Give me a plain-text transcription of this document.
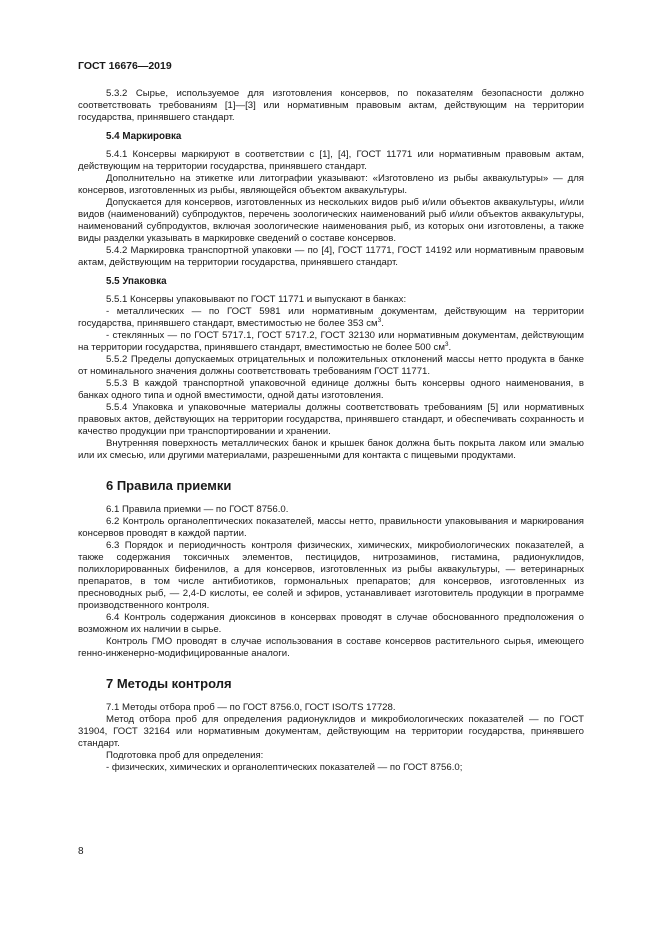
ГОСТ 16676—2019

5.3.2 Сырье, используемое для изготовления консервов, по показателям безопасности должно соответствовать требованиям [1]—[3] или нормативным правовым актам, действующим на территории государства, принявшего стандарт.

5.4 Маркировка

5.4.1 Консервы маркируют в соответствии с [1], [4], ГОСТ 11771 или нормативным правовым актам, действующим на территории государства, принявшего стандарт.

Дополнительно на этикетке или литографии указывают: «Изготовлено из рыбы аквакультуры» — для консервов, изготовленных из рыбы, являющейся объектом аквакультуры.

Допускается для консервов, изготовленных из нескольких видов рыб и/или объектов аквакультуры, и/или видов (наименований) субпродуктов, перечень зоологических наименований рыб и/или объектов аквакультуры, наименований субпродуктов, включая зоологические наименования рыб, из которых они изготовлены, а также виды разделки указывать в маркировке сведений о составе консервов.

5.4.2 Маркировка транспортной упаковки — по [4], ГОСТ 11771, ГОСТ 14192 или нормативным правовым актам, действующим на территории государства, принявшего стандарт.

5.5 Упаковка

5.5.1 Консервы упаковывают по ГОСТ 11771 и выпускают в банках:

- металлических — по ГОСТ 5981 или нормативным документам, действующим на территории государства, принявшего стандарт, вместимостью не более 353 $см^3$.

- стеклянных — по ГОСТ 5717.1, ГОСТ 5717.2, ГОСТ 32130 или нормативным документам, действующим на территории государства, принявшего стандарт, вместимостью не более 500 $см^3$.

5.5.2 Пределы допускаемых отрицательных и положительных отклонений массы нетто продукта в банке от номинального значения должны соответствовать требованиям ГОСТ 11771.

5.5.3 В каждой транспортной упаковочной единице должны быть консервы одного наименования, в банках одного типа и одной вместимости, одной даты изготовления.

5.5.4 Упаковка и упаковочные материалы должны соответствовать требованиям [5] или нормативных правовых актов, действующих на территории государства, принявшего стандарт, и обеспечивать сохранность и качество продукции при транспортировании и хранении.

Внутренняя поверхность металлических банок и крышек банок должна быть покрыта лаком или эмалью или их смесью, или другими материалами, разрешенными для контакта с пищевыми продуктами.

6 Правила приемки

6.1 Правила приемки — по ГОСТ 8756.0.

6.2 Контроль органолептических показателей, массы нетто, правильности упаковывания и маркирования консервов проводят в каждой партии.

6.3 Порядок и периодичность контроля физических, химических, микробиологических показателей, а также содержания токсичных элементов, пестицидов, нитрозаминов, гистамина, радионуклидов, полихлорированных бифенилов, а для консервов, изготовленных из рыбы аквакультуры, — ветеринарных препаратов, в том числе антибиотиков, гормональных препаратов; для консервов, изготовленных из пресноводных рыб, — 2,4-D кислоты, ее солей и эфиров, устанавливает изготовитель продукции в программе производственного контроля.

6.4 Контроль содержания диоксинов в консервах проводят в случае обоснованного предположения о возможном их наличии в сырье.

Контроль ГМО проводят в случае использования в составе консервов растительного сырья, имеющего генно-инженерно-модифицированные аналоги.

7 Методы контроля

7.1 Методы отбора проб — по ГОСТ 8756.0, ГОСТ ISO/TS 17728.

Метод отбора проб для определения радионуклидов и микробиологических показателей — по ГОСТ 31904, ГОСТ 32164 или нормативным документам, действующим на территории государства, принявшего стандарт.

Подготовка проб для определения:

- физических, химических и органолептических показателей — по ГОСТ 8756.0;

8
